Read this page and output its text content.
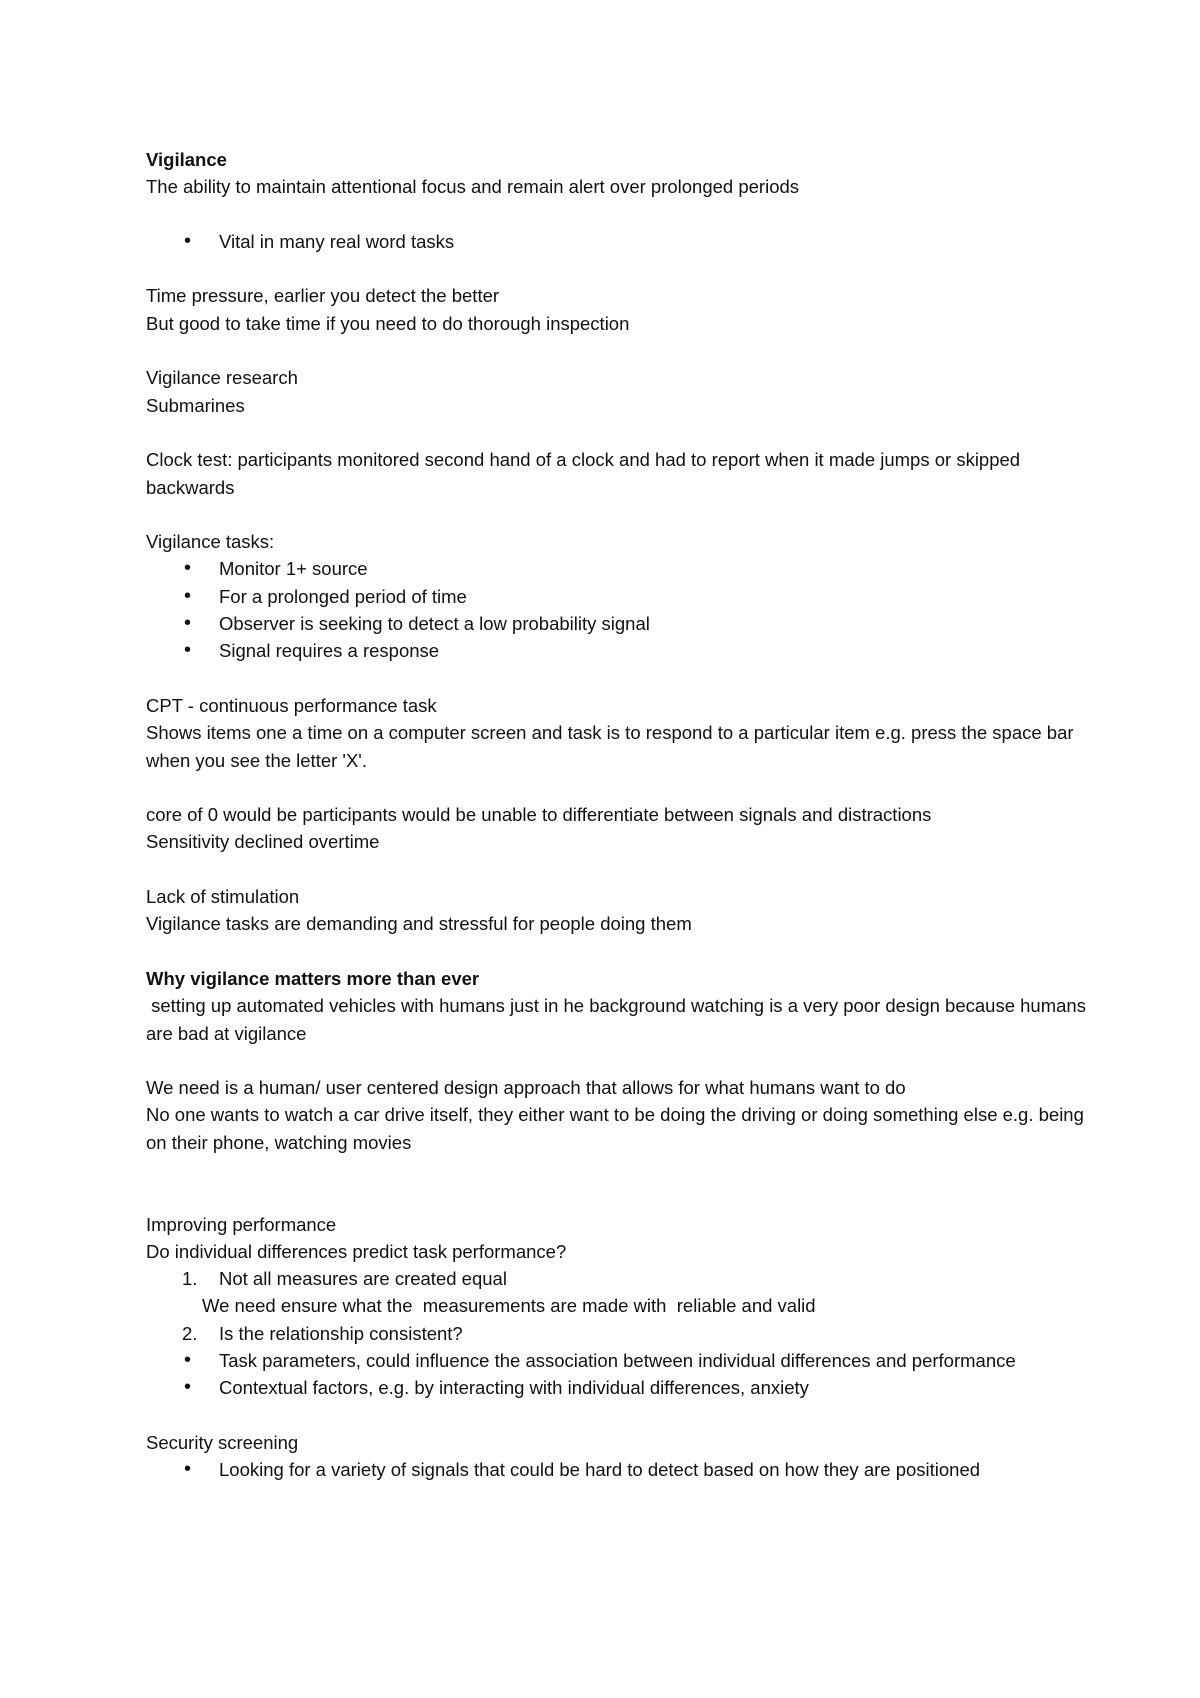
Vigilance

The ability to maintain attentional focus and remain alert over prolonged periods

• Vital in many real word tasks

Time pressure, earlier you detect the better

But good to take time if you need to do thorough inspection

Vigilance research

Submarines

Clock test: participants monitored second hand of a clock and had to report when it made jumps or skipped backwards

Vigilance tasks:

• Monitor 1+ source
• For a prolonged period of time
• Observer is seeking to detect a low probability signal
• Signal requires a response

CPT - continuous performance task

Shows items one a time on a computer screen and task is to respond to a particular item e.g. press the space bar when you see the letter 'X'.

core of 0 would be participants would be unable to differentiate between signals and distractions

Sensitivity declined overtime

Lack of stimulation

Vigilance tasks are demanding and stressful for people doing them

Why vigilance matters more than ever

setting up automated vehicles with humans just in he background watching is a very poor design because humans are bad at vigilance

We need is a human/ user centered design approach that allows for what humans want to do

No one wants to watch a car drive itself, they either want to be doing the driving or doing something else e.g. being on their phone, watching movies

Improving performance

Do individual differences predict task performance?

1. Not all measures are created equal

We need ensure what the  measurements are made with  reliable and valid

2. Is the relationship consistent?
• Task parameters, could influence the association between individual differences and performance
• Contextual factors, e.g. by interacting with individual differences, anxiety

Security screening

• Looking for a variety of signals that could be hard to detect based on how they are positioned
